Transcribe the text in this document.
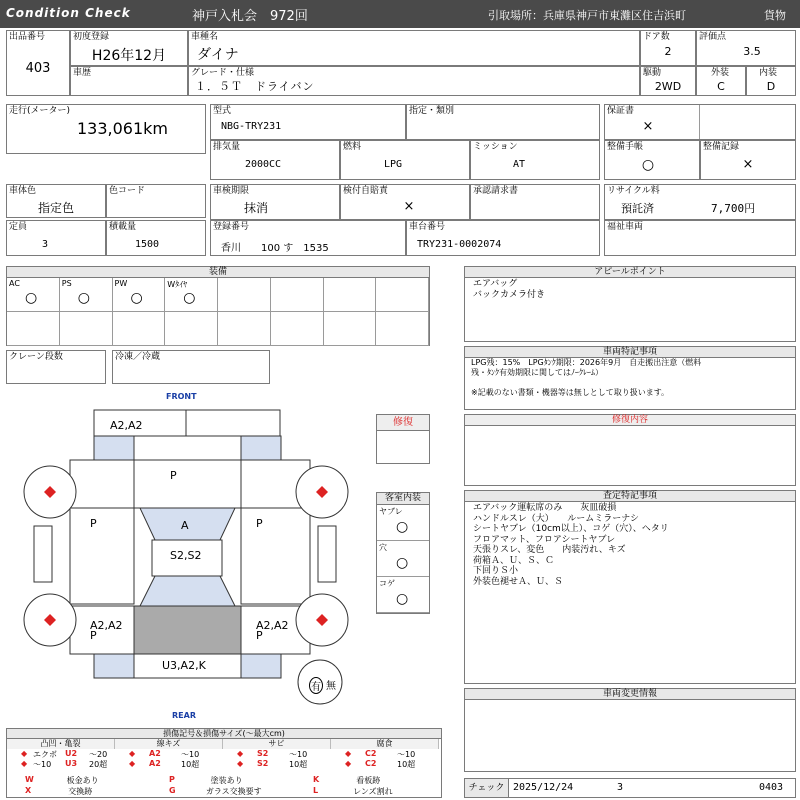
Condition Check	神戸入札会　972回	引取場所：兵庫県神戸市東灘区住吉浜町	貨物
出品番号
403
初度登録
H26年12月
車種名
ダイナ
ドア数
2
評価点
3.5
車歴	グレード・仕様
１．５Ｔ　ドライバン
駆動
2WD
外装
C
内装
D
走行(メーター)
133,061km
型式
NBG-TRY231
指定・類別	保証書
×
排気量
2000CC
燃料
LPG
ミッション
AT
整備手帳
○
整備記録
×
車体色
指定色
色コード	車検期限
抹消
検付自賠責
×
承認請求書	リサイクル料
預託済	7,700円
定員
3
積載量
1500
登録番号
香川　　100 す　1535
車台番号
TRY231-0002074
福祉車両
装備
AC
○
PS
○
PW
○
Wﾀｲﾔ
○
クレーン段数	冷凍／冷蔵
FRONT
REAR
A2,A2
P
P	P
A
S2,S2
A2,A2
P
A2,A2
P
U3,A2,K
有 無
修復
客室内装
ヤブレ
○
穴
○
コゲ
○
アピールポイント
エアバッグ
バックカメラ付き
車両特記事項
LPG残：15%　LPGﾀﾝｸ期限：2026年9月　自走搬出注意（燃料
残・ﾀﾝｸ有効期限に関してはﾉｰｸﾚｰﾑ）
※記載のない書類・機器等は無しとして取り扱います。
修復内容
査定特記事項
エアバック運転席のみ　　灰皿破損
ハンドルスレ（大）　　ルームミラーナシ
シートヤブレ（10cm以上）、コゲ（穴）、ヘタリ
フロアマット、フロアシートヤブレ
天張りスレ、変色　　内装汚れ、キズ
荷箱Ａ、Ｕ、Ｓ、Ｃ
下回りＳ小
外装色褪せＡ、Ｕ、Ｓ
車両変更情報
チェック 2025/12/24	3	0403
損傷記号＆損傷サイズ(～最大cm)
凸凹・亀裂	線キズ	サビ	腐食
◆ エクボ U2 ～20	◆ A2	～10	◆ S2	～10	◆ C2	～10
◆ ～10 U3 20超	◆ A2	10超	◆ S2	10超	◆ C2	10超
W	板金あり	P	塗装あり	K	看板跡
X	交換跡	G	ガラス交換要す	L	レンズ割れ
